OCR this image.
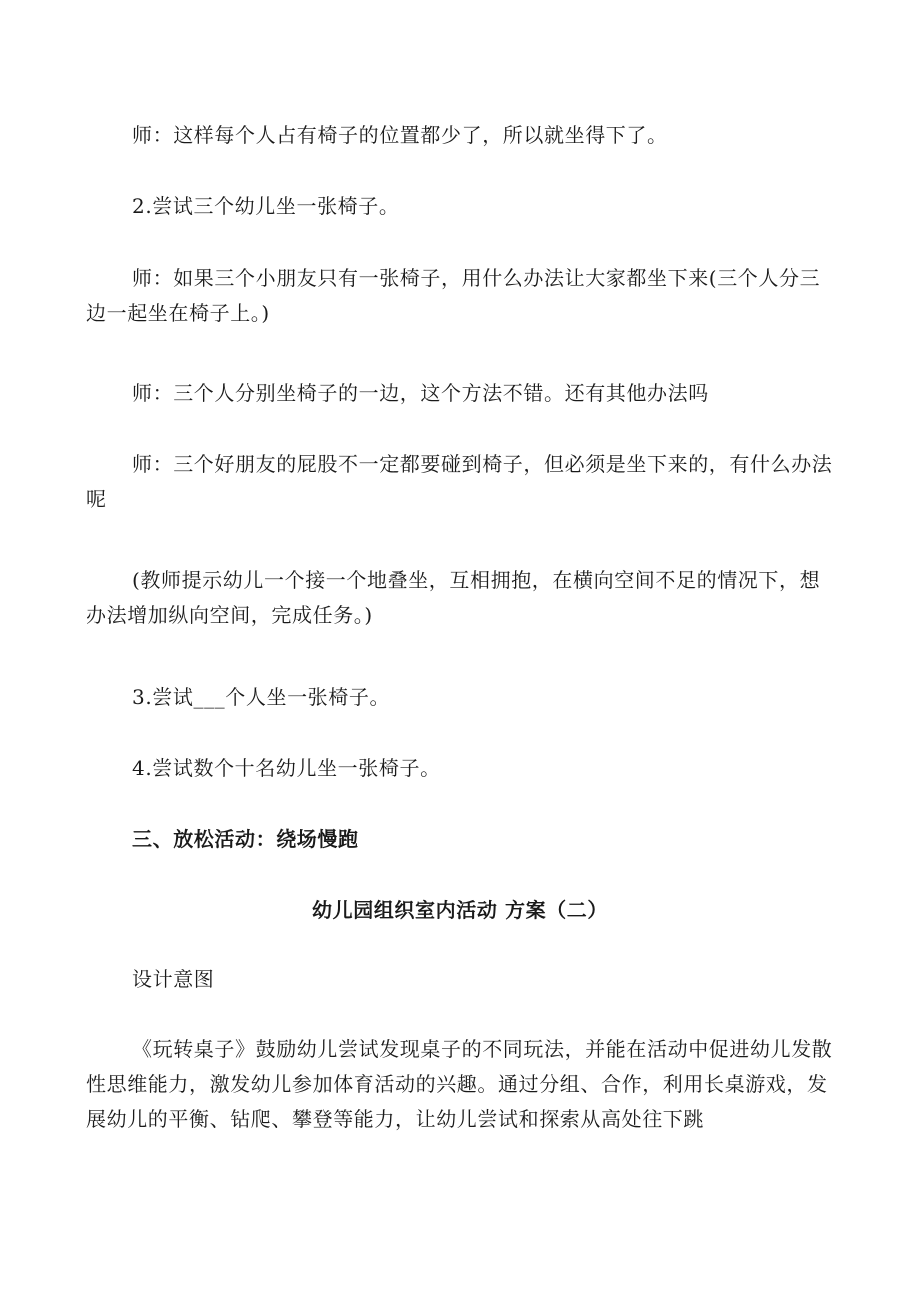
师：这样每个人占有椅子的位置都少了，所以就坐得下了。
2.尝试三个幼儿坐一张椅子。
师：如果三个小朋友只有一张椅子，用什么办法让大家都坐下来(三个人分三边一起坐在椅子上。)
师：三个人分别坐椅子的一边，这个方法不错。还有其他办法吗
师：三个好朋友的屁股不一定都要碰到椅子，但必须是坐下来的，有什么办法呢
(教师提示幼儿一个接一个地叠坐，互相拥抱，在横向空间不足的情况下，想办法增加纵向空间，完成任务。)
3.尝试___个人坐一张椅子。
4.尝试数个十名幼儿坐一张椅子。
三、放松活动：绕场慢跑
幼儿园组织室内活动 方案（二）
设计意图
《玩转桌子》鼓励幼儿尝试发现桌子的不同玩法，并能在活动中促进幼儿发散性思维能力，激发幼儿参加体育活动的兴趣。通过分组、合作，利用长桌游戏，发展幼儿的平衡、钻爬、攀登等能力，让幼儿尝试和探索从高处往下跳
